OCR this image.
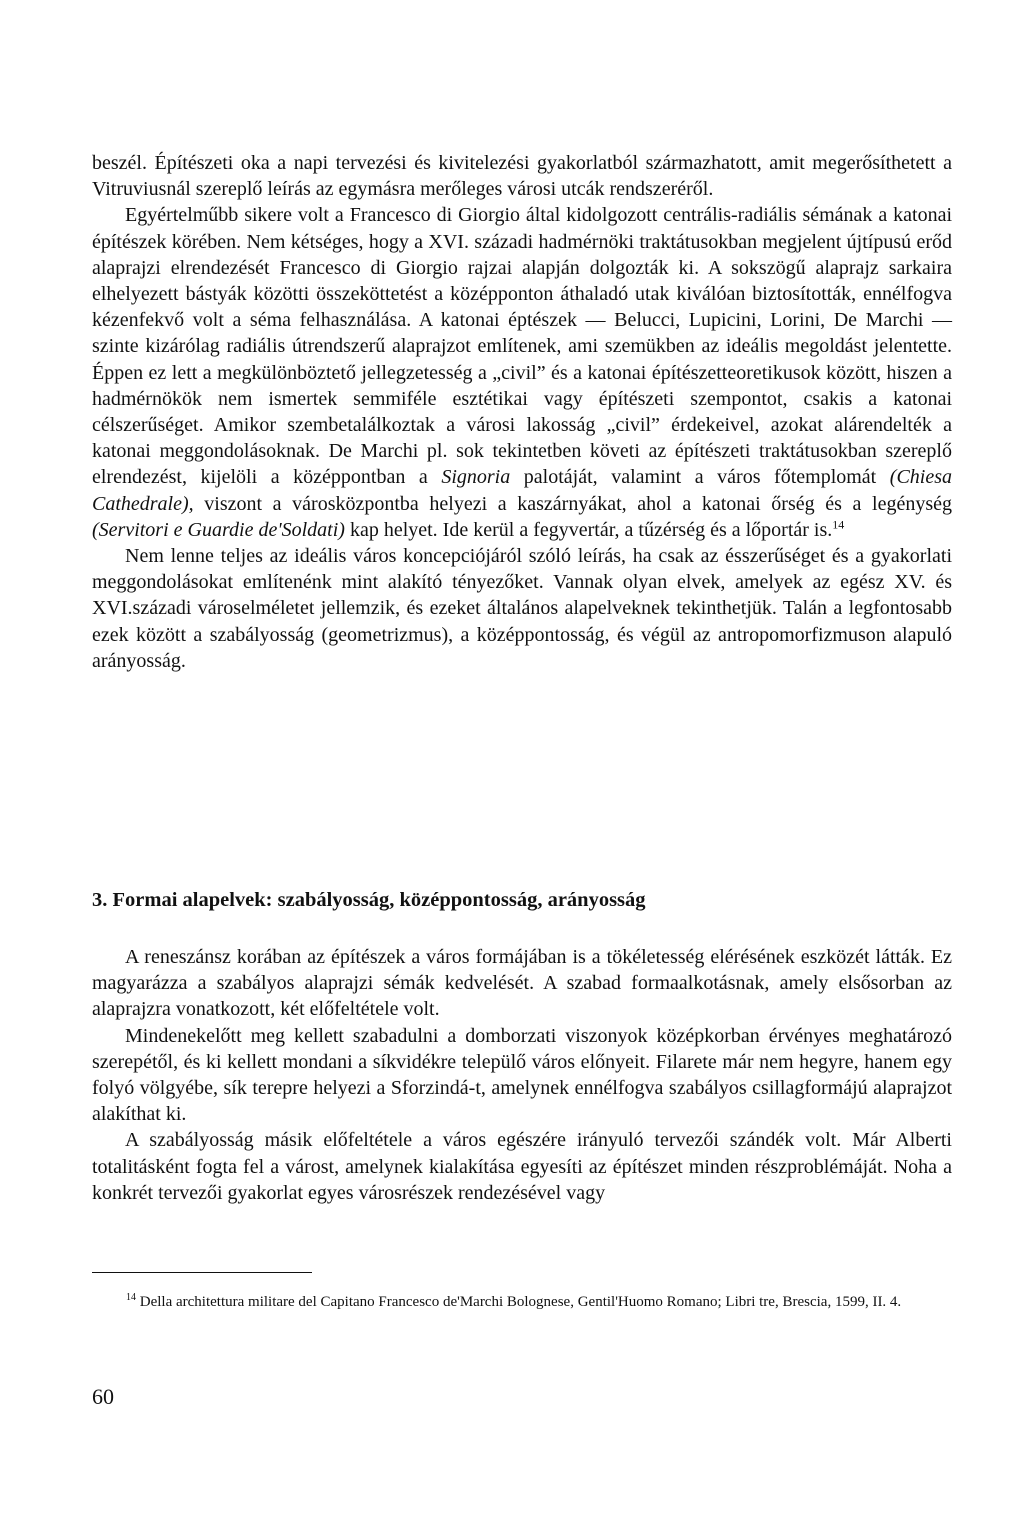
beszél. Építészeti oka a napi tervezési és kivitelezési gyakorlatból származhatott, amit megerősíthetett a Vitruviusnál szereplő leírás az egymásra merőleges városi utcák rendszeréről.

Egyértelműbb sikere volt a Francesco di Giorgio által kidolgozott centrális-radiális sémának a katonai építészek körében. Nem kétséges, hogy a XVI. századi hadmérnöki traktátusokban megjelent újtípusú erőd alaprajzi elrendezését Francesco di Giorgio rajzai alapján dolgozták ki. A sokszögű alaprajz sarkaira elhelyezett bástyák közötti összeköttetést a középponton áthaladó utak kiválóan biztosították, ennélfogva kézenfekvő volt a séma felhasználása. A katonai éptészek — Belucci, Lupicini, Lorini, De Marchi — szinte kizárólag radiális útrendszerű alaprajzot említenek, ami szemükben az ideális megoldást jelentette. Éppen ez lett a megkülönböztető jellegzetesség a „civil” és a katonai építészetteoretikusok között, hiszen a hadmérnökök nem ismertek semmiféle esztétikai vagy építészeti szempontot, csakis a katonai célszerűséget. Amikor szembetalálkoztak a városi lakosság „civil” érdekeivel, azokat alárendelték a katonai meggondolásoknak. De Marchi pl. sok tekintetben követi az építészeti traktátusokban szereplő elrendezést, kijelöli a középpontban a Signoria palotáját, valamint a város főtemplomát (Chiesa Cathedrale), viszont a városközpontba helyezi a kaszárnyákat, ahol a katonai őrség és a legénység (Servitori e Guardie de'Soldati) kap helyet. Ide kerül a fegyvertár, a tűzérség és a lőportár is.$^{14}$

Nem lenne teljes az ideális város koncepciójáról szóló leírás, ha csak az ésszerűséget és a gyakorlati meggondolásokat említenénk mint alakító tényezőket. Vannak olyan elvek, amelyek az egész XV. és XVI.századi városelméletet jellemzik, és ezeket általános alapelveknek tekinthetjük. Talán a legfontosabb ezek között a szabályosság (geometrizmus), a középpontosság, és végül az antropomorfizmuson alapuló arányosság.

3. Formai alapelvek: szabályosság, középpontosság, arányosság

A reneszánsz korában az építészek a város formájában is a tökéletesség elérésének eszközét látták. Ez magyarázza a szabályos alaprajzi sémák kedvelését. A szabad formaalkotásnak, amely elsősorban az alaprajzra vonatkozott, két előfeltétele volt.

Mindenekelőtt meg kellett szabadulni a domborzati viszonyok középkorban érvényes meghatározó szerepétől, és ki kellett mondani a síkvidékre települő város előnyeit. Filarete már nem hegyre, hanem egy folyó völgyébe, sík terepre helyezi a Sforzindá-t, amelynek ennélfogva szabályos csillagformájú alaprajzot alakíthat ki.

A szabályosság másik előfeltétele a város egészére irányuló tervezői szándék volt. Már Alberti totalitásként fogta fel a várost, amelynek kialakítása egyesíti az építészet minden részproblémáját. Noha a konkrét tervezői gyakorlat egyes városrészek rendezésével vagy

$^{14}$ Della architettura militare del Capitano Francesco de'Marchi Bolognese, Gentil'Huomo Romano; Libri tre, Brescia, 1599, II. 4.

60
